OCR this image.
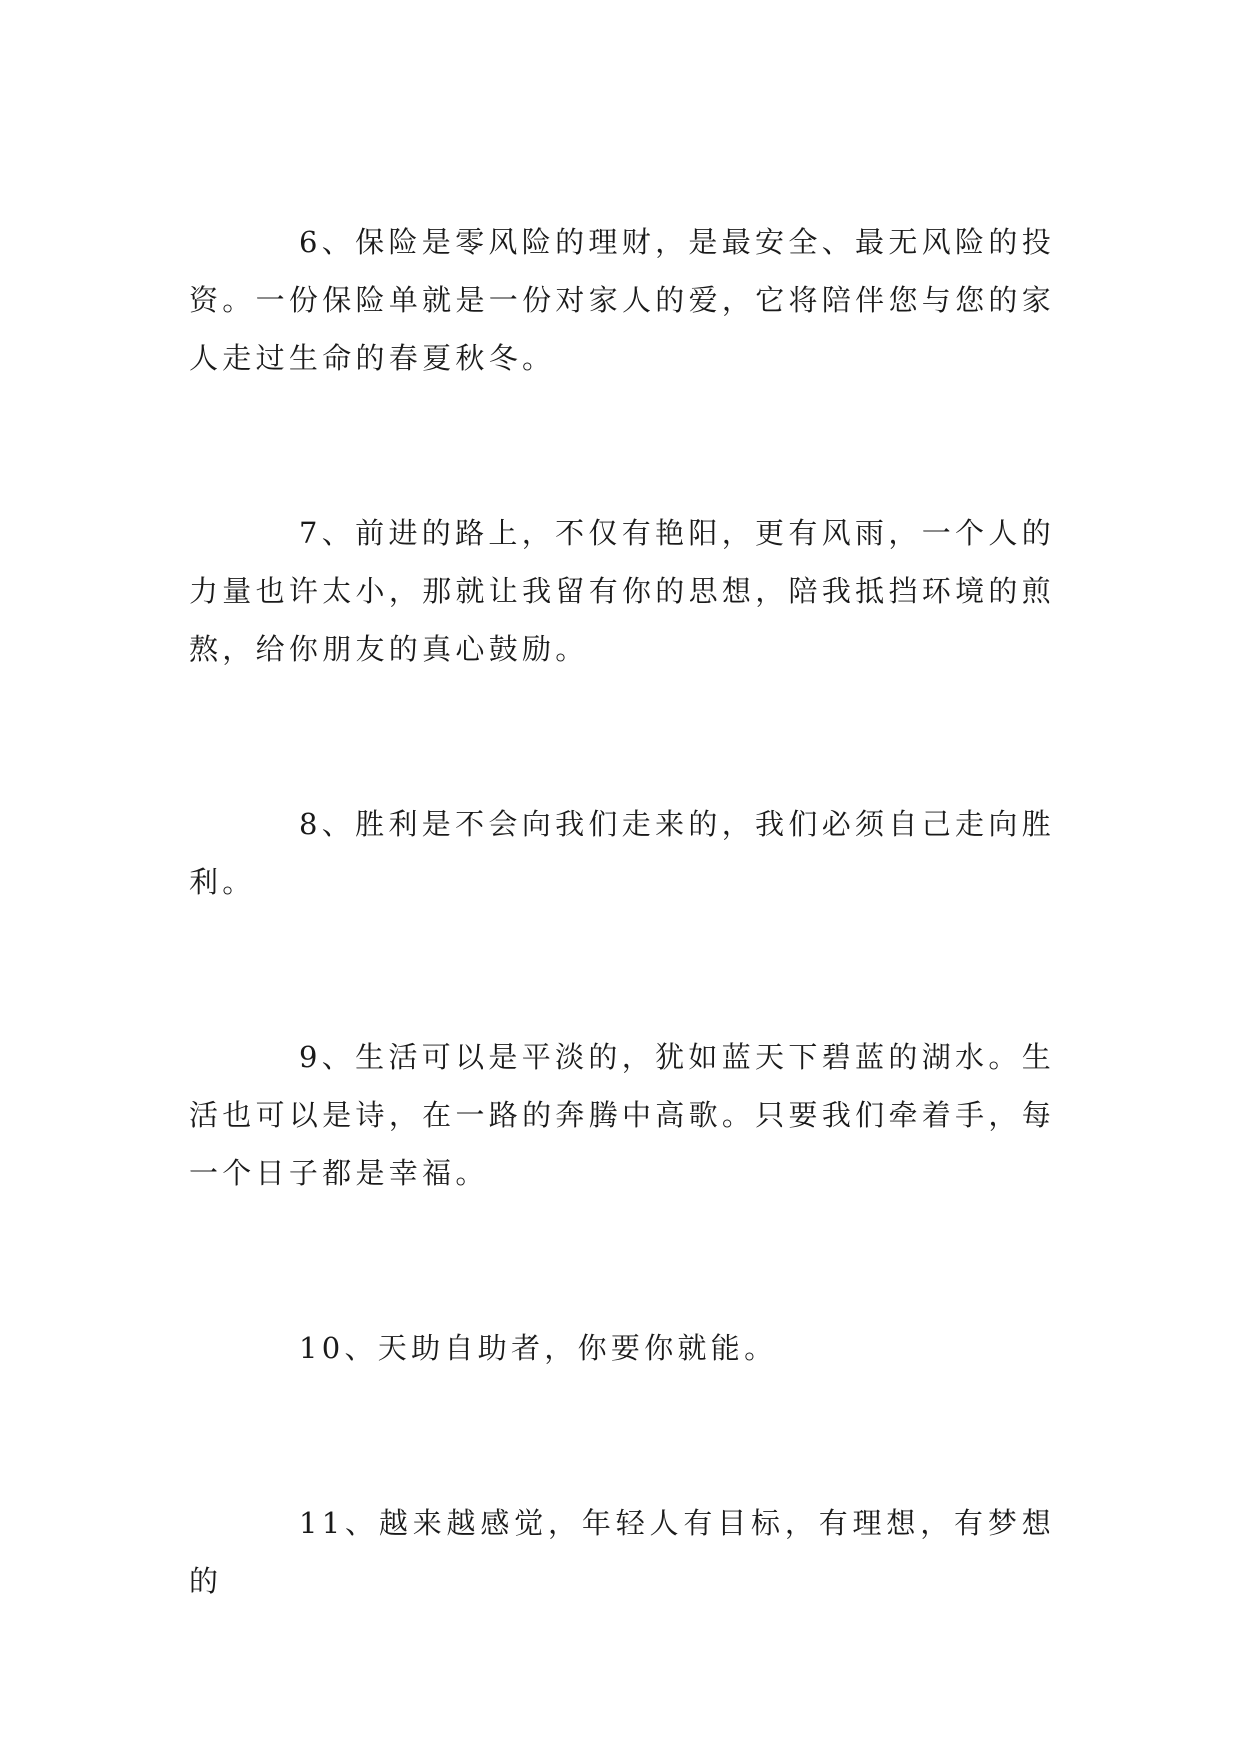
6、保险是零风险的理财，是最安全、最无风险的投资。一份保险单就是一份对家人的爱，它将陪伴您与您的家人走过生命的春夏秋冬。

7、前进的路上，不仅有艳阳，更有风雨，一个人的力量也许太小，那就让我留有你的思想，陪我抵挡环境的煎熬，给你朋友的真心鼓励。

8、胜利是不会向我们走来的，我们必须自己走向胜利。

9、生活可以是平淡的，犹如蓝天下碧蓝的湖水。生活也可以是诗，在一路的奔腾中高歌。只要我们牵着手，每一个日子都是幸福。

10、天助自助者，你要你就能。

11、越来越感觉，年轻人有目标，有理想，有梦想的
